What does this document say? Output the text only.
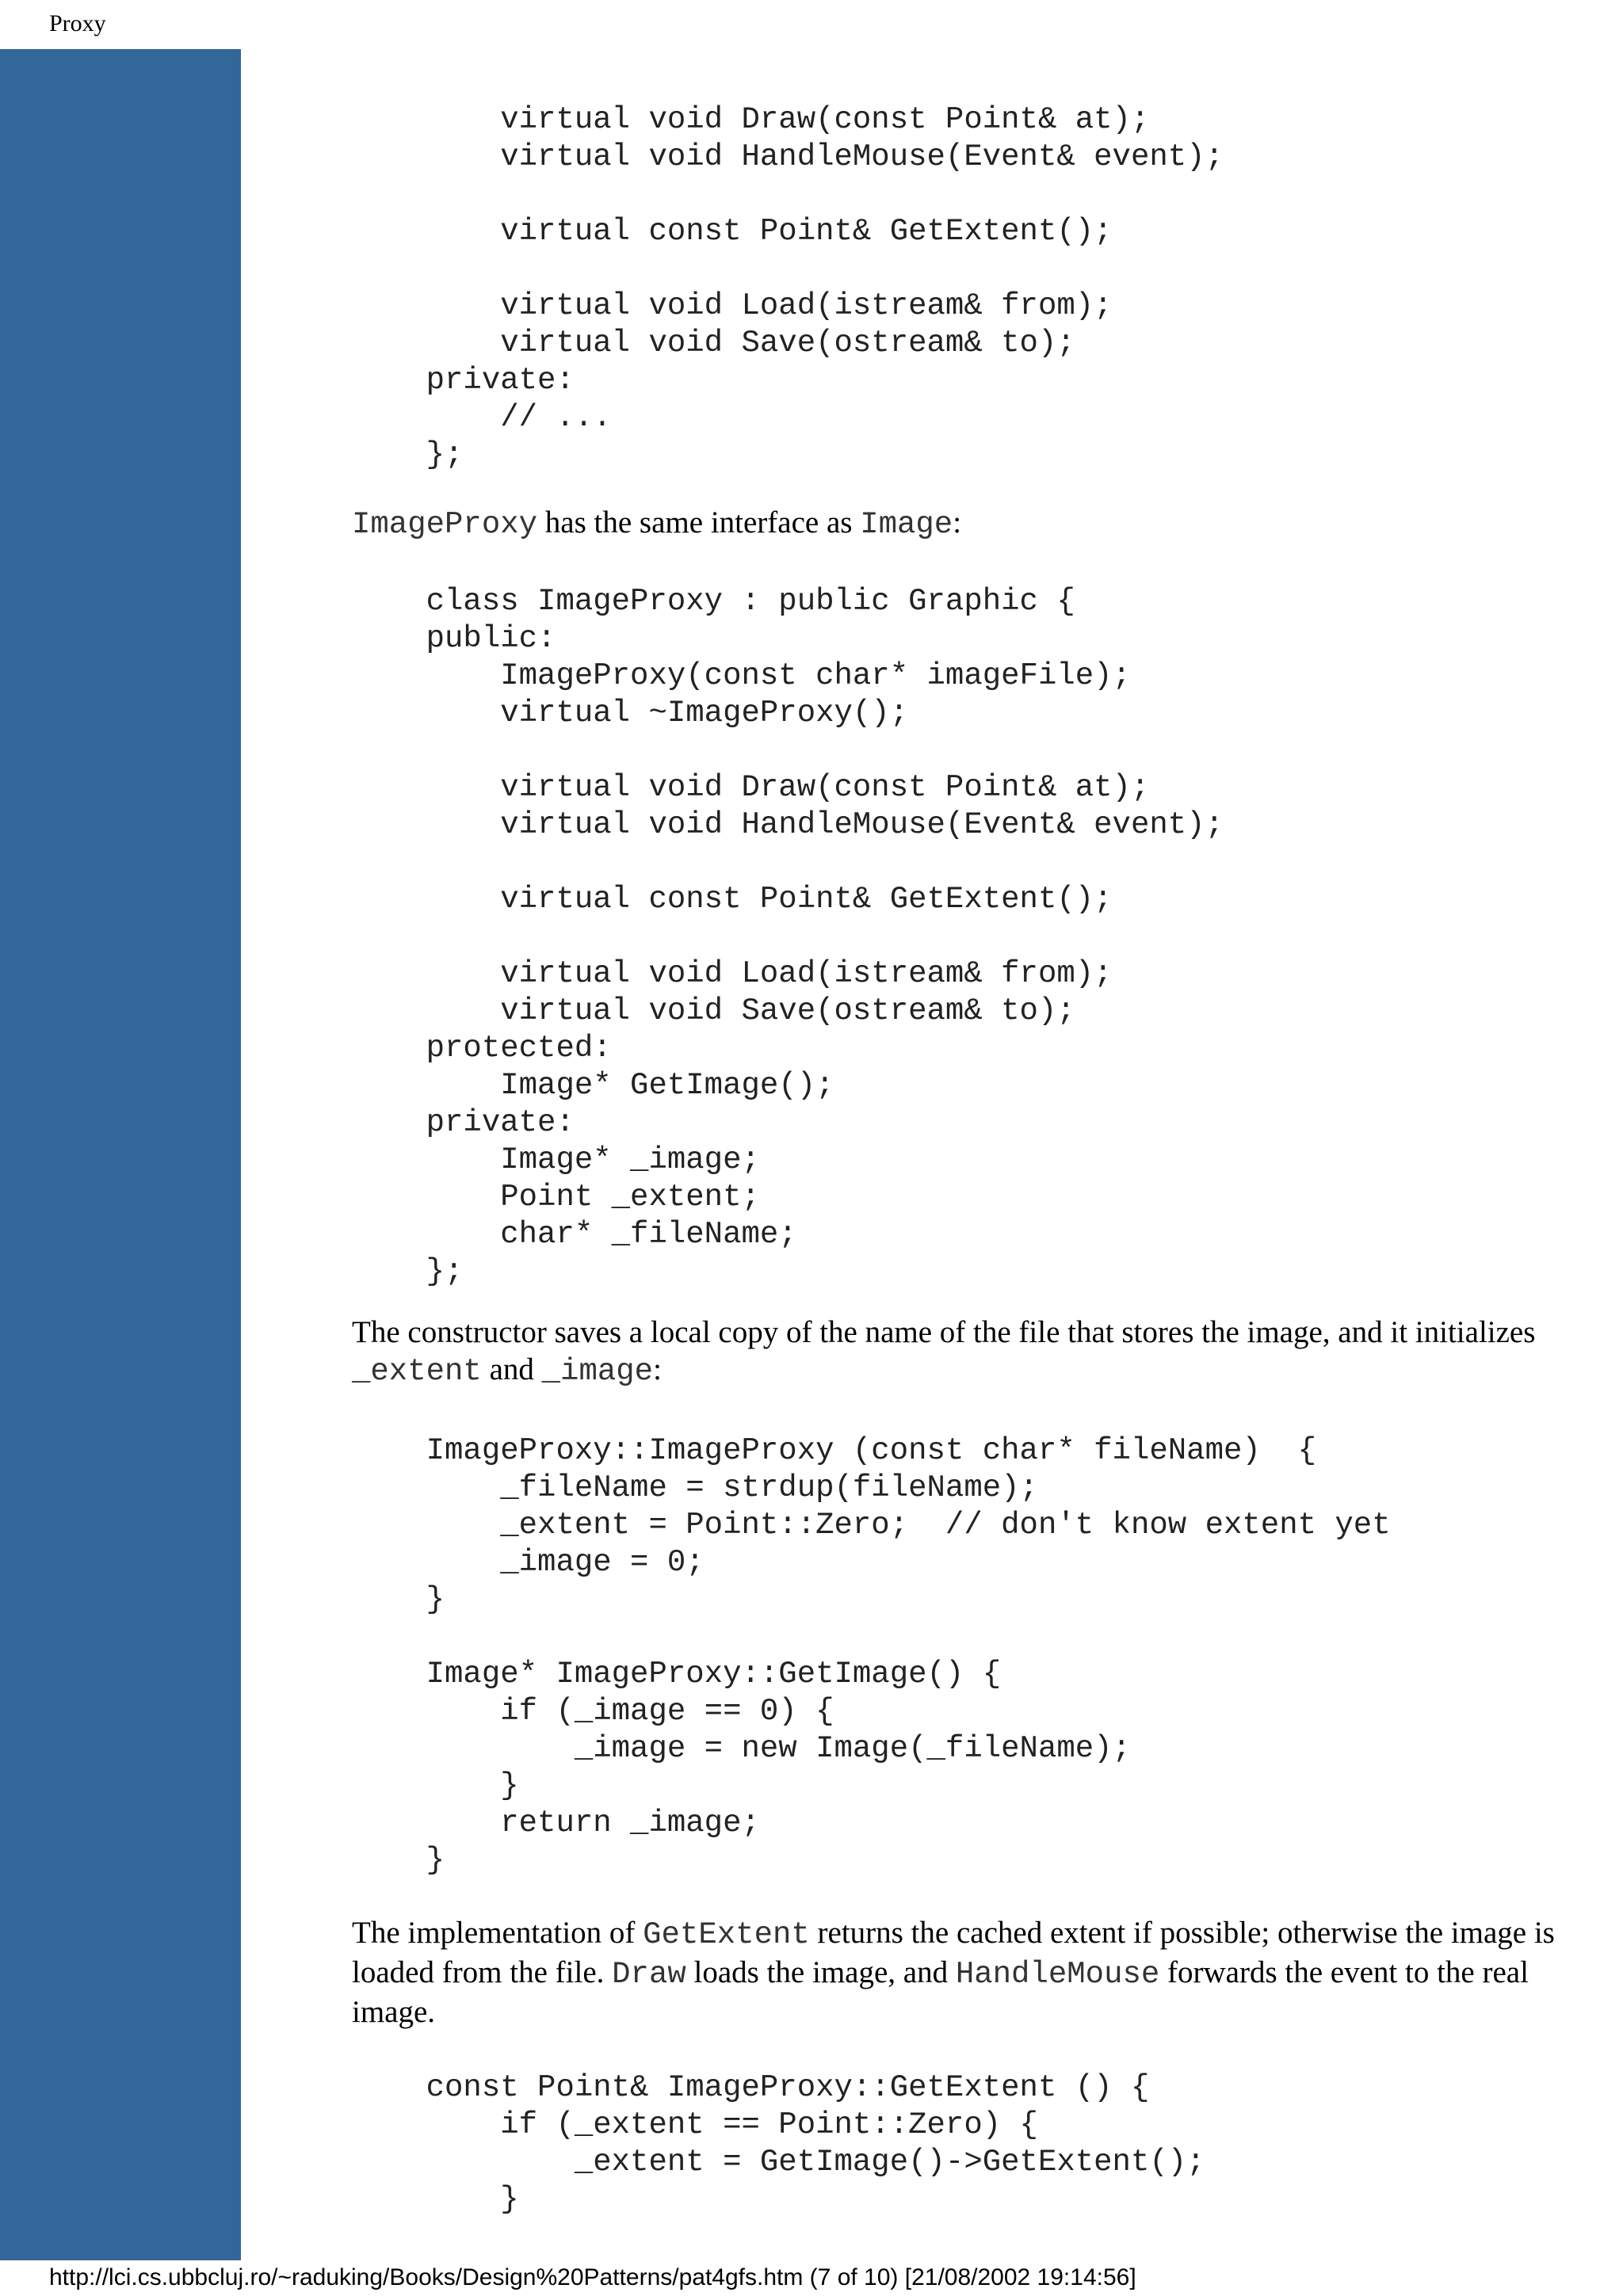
Proxy
virtual void Draw(const Point& at);
virtual void HandleMouse(Event& event);

virtual const Point& GetExtent();

virtual void Load(istream& from);
virtual void Save(ostream& to);
private:
// ...
};
ImageProxy has the same interface as Image:
class ImageProxy : public Graphic {
public:
ImageProxy(const char* imageFile);
virtual ~ImageProxy();

virtual void Draw(const Point& at);
virtual void HandleMouse(Event& event);

virtual const Point& GetExtent();

virtual void Load(istream& from);
virtual void Save(ostream& to);
protected:
Image* GetImage();
private:
Image* _image;
Point _extent;
char* _fileName;
};
The constructor saves a local copy of the name of the file that stores the image, and it initializes _extent and _image:
ImageProxy::ImageProxy (const char* fileName)  {
_fileName = strdup(fileName);
_extent = Point::Zero;  // don't know extent yet
_image = 0;
}

Image* ImageProxy::GetImage() {
if (_image == 0) {
_image = new Image(_fileName);
}
return _image;
}
The implementation of GetExtent returns the cached extent if possible; otherwise the image is loaded from the file. Draw loads the image, and HandleMouse forwards the event to the real image.
const Point& ImageProxy::GetExtent () {
if (_extent == Point::Zero) {
_extent = GetImage()->GetExtent();
}
http://lci.cs.ubbcluj.ro/~raduking/Books/Design%20Patterns/pat4gfs.htm (7 of 10) [21/08/2002 19:14:56]
